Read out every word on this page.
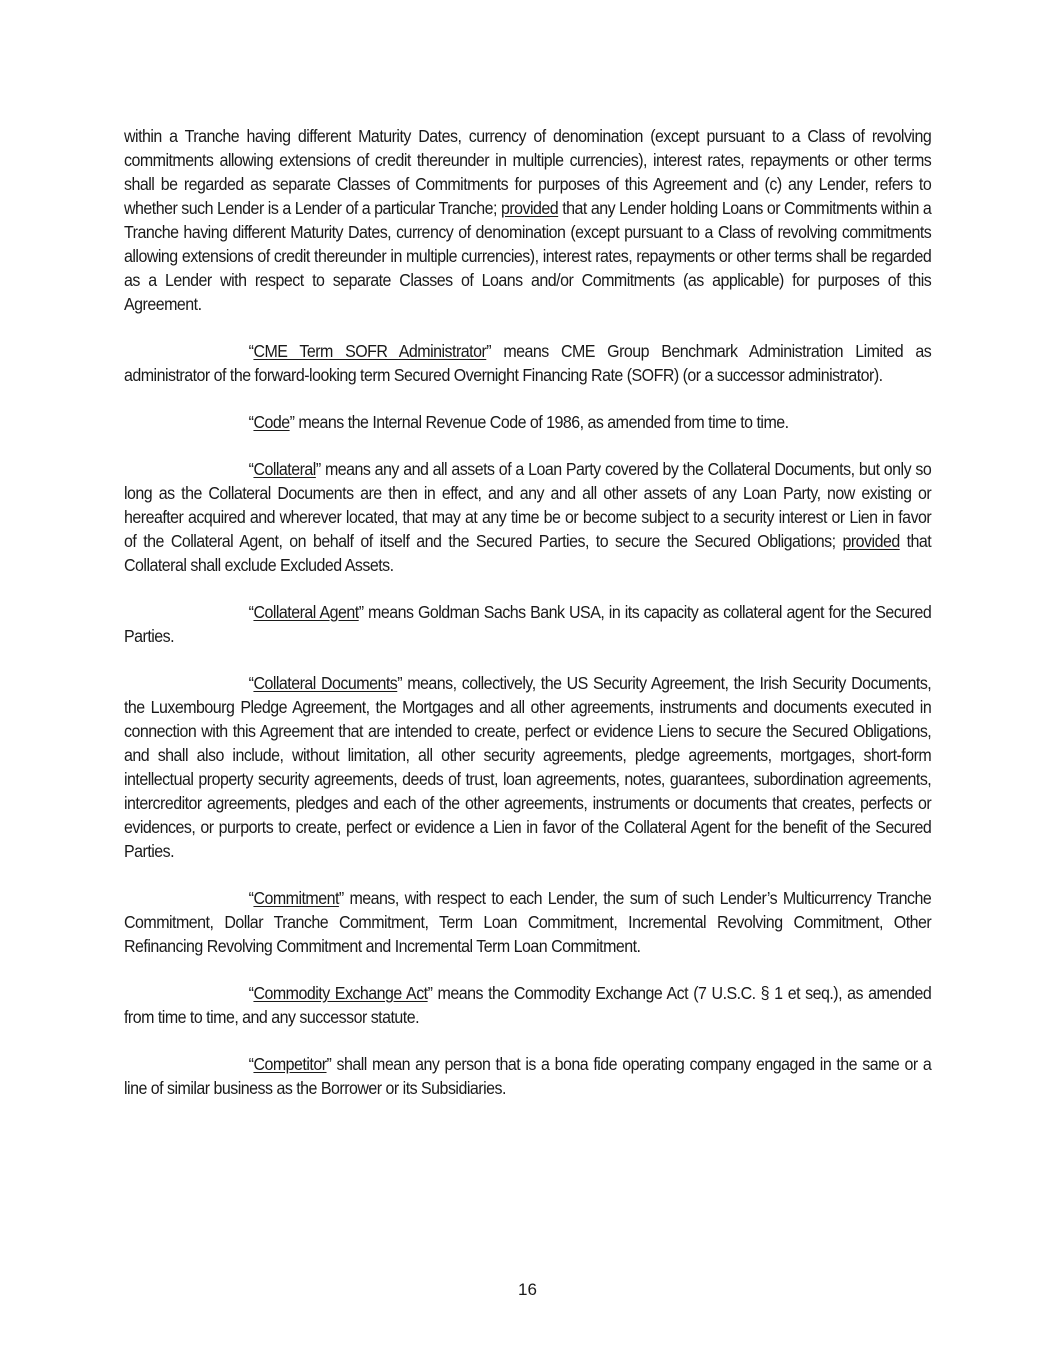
within a Tranche having different Maturity Dates, currency of denomination (except pursuant to a Class of revolving commitments allowing extensions of credit thereunder in multiple currencies), interest rates, repayments or other terms shall be regarded as separate Classes of Commitments for purposes of this Agreement and (c) any Lender, refers to whether such Lender is a Lender of a particular Tranche; provided that any Lender holding Loans or Commitments within a Tranche having different Maturity Dates, currency of denomination (except pursuant to a Class of revolving commitments allowing extensions of credit thereunder in multiple currencies), interest rates, repayments or other terms shall be regarded as a Lender with respect to separate Classes of Loans and/or Commitments (as applicable) for purposes of this Agreement.

“CME Term SOFR Administrator” means CME Group Benchmark Administration Limited as administrator of the forward-looking term Secured Overnight Financing Rate (SOFR) (or a successor administrator).

“Code” means the Internal Revenue Code of 1986, as amended from time to time.

“Collateral” means any and all assets of a Loan Party covered by the Collateral Documents, but only so long as the Collateral Documents are then in effect, and any and all other assets of any Loan Party, now existing or hereafter acquired and wherever located, that may at any time be or become subject to a security interest or Lien in favor of the Collateral Agent, on behalf of itself and the Secured Parties, to secure the Secured Obligations; provided that Collateral shall exclude Excluded Assets.

“Collateral Agent” means Goldman Sachs Bank USA, in its capacity as collateral agent for the Secured Parties.

“Collateral Documents” means, collectively, the US Security Agreement, the Irish Security Documents, the Luxembourg Pledge Agreement, the Mortgages and all other agreements, instruments and documents executed in connection with this Agreement that are intended to create, perfect or evidence Liens to secure the Secured Obligations, and shall also include, without limitation, all other security agreements, pledge agreements, mortgages, short-form intellectual property security agreements, deeds of trust, loan agreements, notes, guarantees, subordination agreements, intercreditor agreements, pledges and each of the other agreements, instruments or documents that creates, perfects or evidences, or purports to create, perfect or evidence a Lien in favor of the Collateral Agent for the benefit of the Secured Parties.

“Commitment” means, with respect to each Lender, the sum of such Lender’s Multicurrency Tranche Commitment, Dollar Tranche Commitment, Term Loan Commitment, Incremental Revolving Commitment, Other Refinancing Revolving Commitment and Incremental Term Loan Commitment.

“Commodity Exchange Act” means the Commodity Exchange Act (7 U.S.C. § 1 et seq.), as amended from time to time, and any successor statute.

“Competitor” shall mean any person that is a bona fide operating company engaged in the same or a line of similar business as the Borrower or its Subsidiaries.

16
